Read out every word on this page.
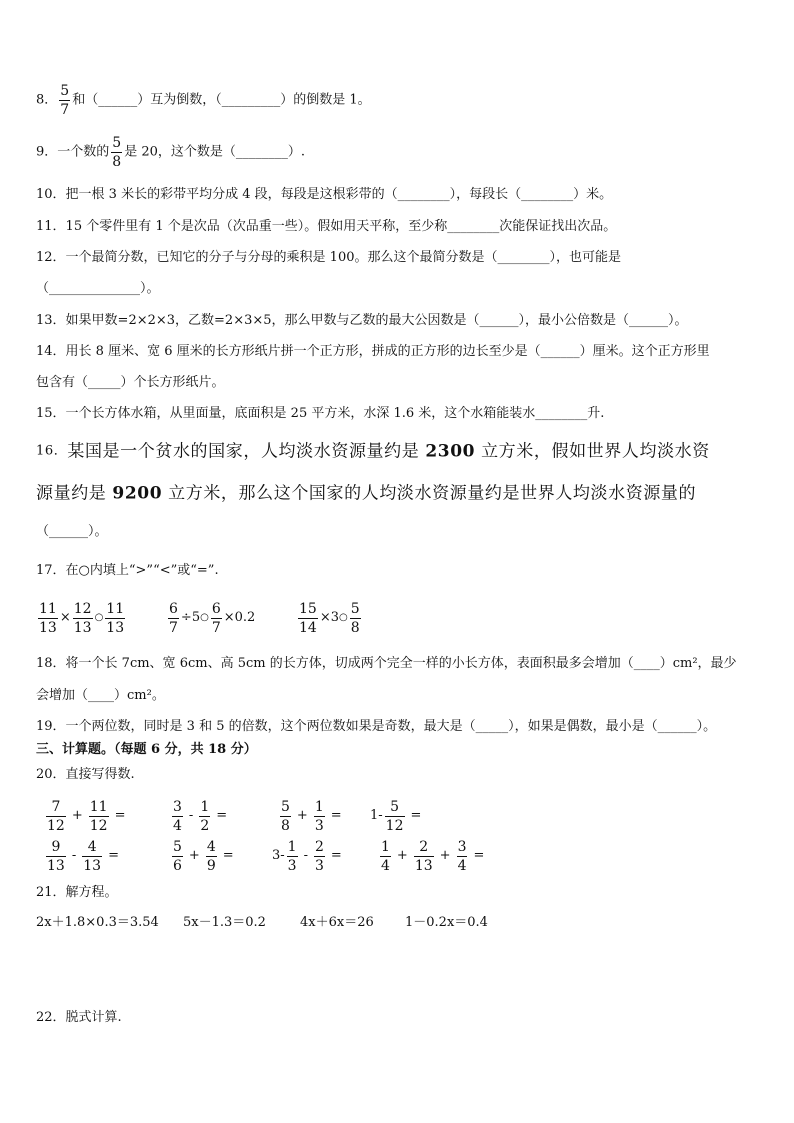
8． $\frac{5}{7}$ 和（______）互为倒数，（_________）的倒数是 1。
9．一个数的 $\frac{5}{8}$ 是 20，这个数是（________）.
10．把一根 3 米长的彩带平均分成 4 段，每段是这根彩带的（________），每段长（________）米。
11．15 个零件里有 1 个是次品（次品重一些）。假如用天平称，至少称________次能保证找出次品。
12．一个最简分数，已知它的分子与分母的乘积是 100。那么这个最简分数是（________），也可能是
（______________）。
13．如果甲数=2×2×3，乙数=2×3×5，那么甲数与乙数的最大公因数是（______），最小公倍数是（______）。
14．用长 8 厘米、宽 6 厘米的长方形纸片拼一个正方形，拼成的正方形的边长至少是（______）厘米。这个正方形里
包含有（_____）个长方形纸片。
15．一个长方体水箱，从里面量，底面积是 25 平方米，水深 1.6 米，这个水箱能装水________升.
16．某国是一个贫水的国家，人均淡水资源量约是 2300 立方米，假如世界人均淡水资
源量约是 9200 立方米，那么这个国家的人均淡水资源量约是世界人均淡水资源量的
（______）。
17．在○内填上“>”“<”或“=”.
$\frac{11}{13} \times \frac{12}{13}$ ○ $\frac{11}{13}$	$\frac{6}{7}$ ÷5○ $\frac{6}{7} \times 0.2$	$\frac{15}{14}$ ×3○ $\frac{5}{8}$
18．将一个长 7cm、宽 6cm、高 5cm 的长方体，切成两个完全一样的小长方体，表面积最多会增加（____）cm²，最少
会增加（____）cm²。
19．一个两位数，同时是 3 和 5 的倍数，这个两位数如果是奇数，最大是（_____），如果是偶数，最小是（______）。
三、计算题。（每题 6 分，共 18 分）
20．直接写得数.
$\frac{7}{12} + \frac{11}{12}$ =	$\frac{3}{4} - \frac{1}{2}$ =	$\frac{5}{8} + \frac{1}{3}$ =	$1- \frac{5}{12}$ =
$\frac{9}{13} - \frac{4}{13}$ =	$\frac{5}{6} + \frac{4}{9}$ =	$3- \frac{1}{3} - \frac{2}{3}$ =	$\frac{1}{4} + \frac{2}{13} + \frac{3}{4}$ =
21．解方程。
2x＋1.8×0.3＝3.54 5x－1.3＝0.2	4x＋6x＝26 1－0.2x＝0.4
22．脱式计算.
